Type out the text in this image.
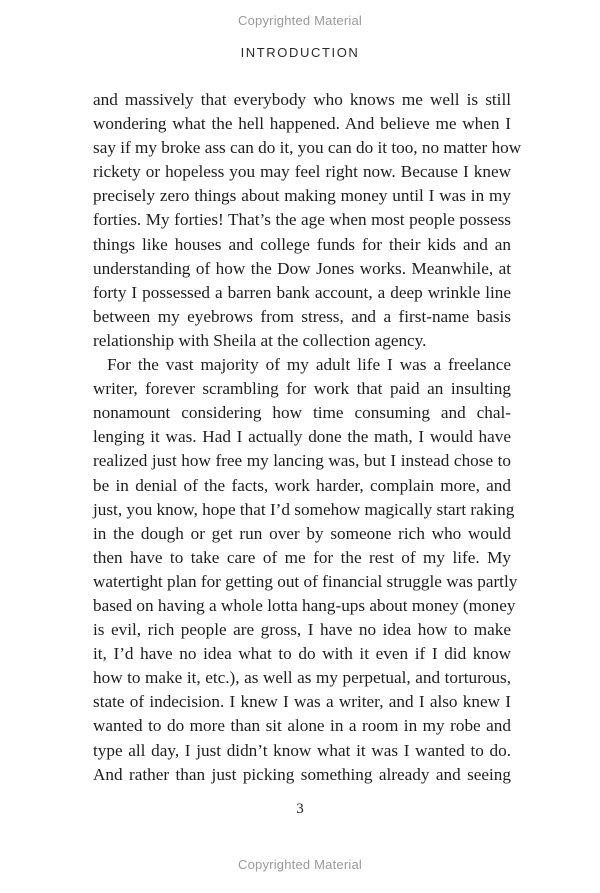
Copyrighted Material
INTRODUCTION

and massively that everybody who knows me well is still
wondering what the hell happened. And believe me when I
say if my broke ass can do it, you can do it too, no matter how
rickety or hopeless you may feel right now. Because I knew
precisely zero things about making money until I was in my
forties. My forties! That’s the age when most people possess
things like houses and college funds for their kids and an
understanding of how the Dow Jones works. Meanwhile, at
forty I possessed a barren bank account, a deep wrinkle line
between my eyebrows from stress, and a first-name basis
relationship with Sheila at the collection agency.

For the vast majority of my adult life I was a freelance
writer, forever scrambling for work that paid an insulting
nonamount considering how time consuming and chal-
lenging it was. Had I actually done the math, I would have
realized just how free my lancing was, but I instead chose to
be in denial of the facts, work harder, complain more, and
just, you know, hope that I’d somehow magically start raking
in the dough or get run over by someone rich who would
then have to take care of me for the rest of my life. My
watertight plan for getting out of financial struggle was partly
based on having a whole lotta hang-ups about money (money
is evil, rich people are gross, I have no idea how to make
it, I’d have no idea what to do with it even if I did know
how to make it, etc.), as well as my perpetual, and torturous,
state of indecision. I knew I was a writer, and I also knew I
wanted to do more than sit alone in a room in my robe and
type all day, I just didn’t know what it was I wanted to do.
And rather than just picking something already and seeing

3
Copyrighted Material
